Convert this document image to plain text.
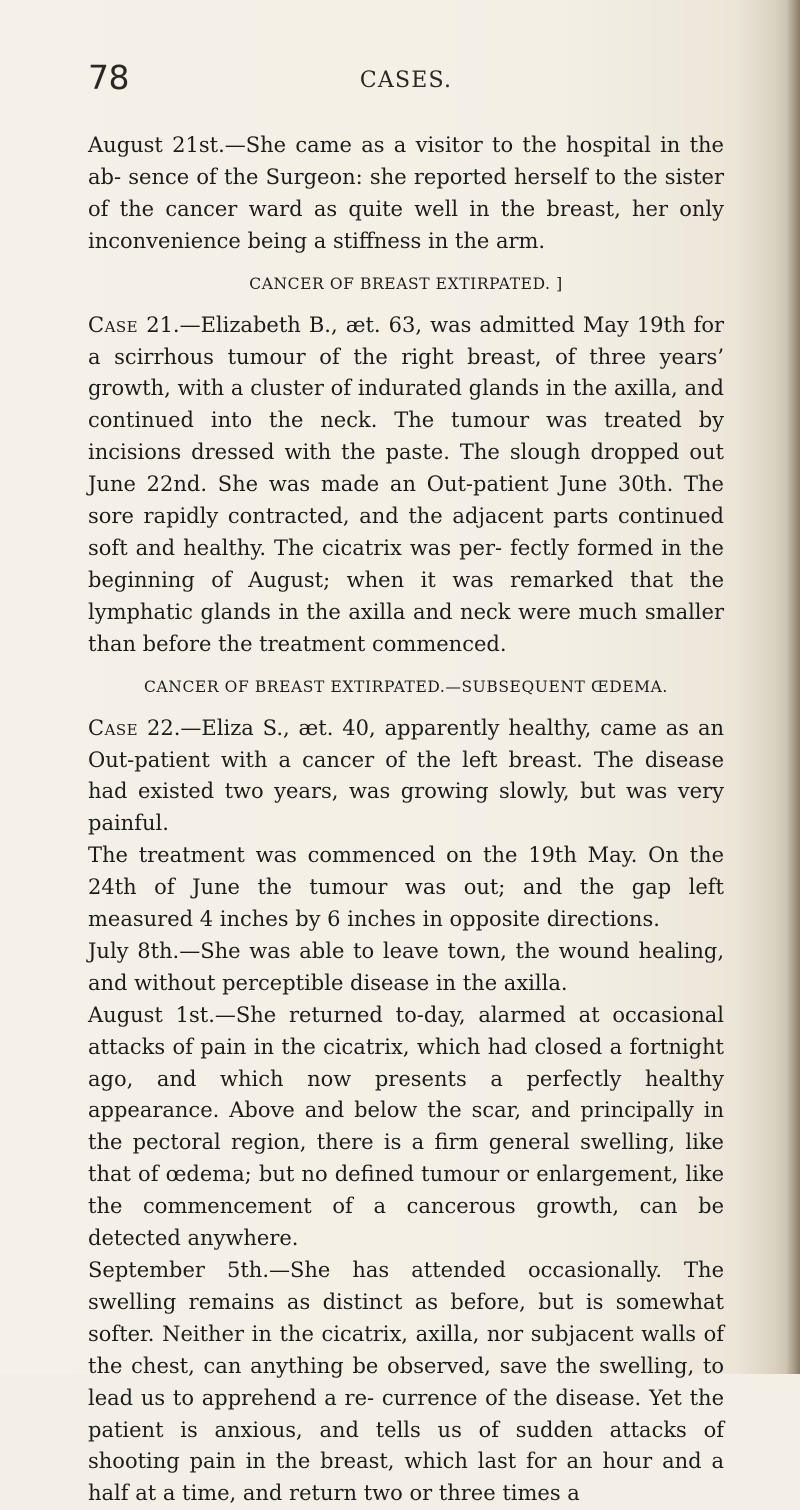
78	CASES.

August 21st.—She came as a visitor to the hospital in the ab- sence of the Surgeon: she reported herself to the sister of the cancer ward as quite well in the breast, her only inconvenience being a stiffness in the arm.

CANCER OF BREAST EXTIRPATED. ]

Case 21.—Elizabeth B., æt. 63, was admitted May 19th for a scirrhous tumour of the right breast, of three years’ growth, with a cluster of indurated glands in the axilla, and continued into the neck. The tumour was treated by incisions dressed with the paste. The slough dropped out June 22nd. She was made an Out-patient June 30th. The sore rapidly contracted, and the adjacent parts continued soft and healthy. The cicatrix was per- fectly formed in the beginning of August; when it was remarked that the lymphatic glands in the axilla and neck were much smaller than before the treatment commenced.

CANCER OF BREAST EXTIRPATED.—SUBSEQUENT ŒDEMA.

Case 22.—Eliza S., æt. 40, apparently healthy, came as an Out-patient with a cancer of the left breast. The disease had existed two years, was growing slowly, but was very painful.

The treatment was commenced on the 19th May. On the 24th of June the tumour was out; and the gap left measured 4 inches by 6 inches in opposite directions.

July 8th.—She was able to leave town, the wound healing, and without perceptible disease in the axilla.

August 1st.—She returned to-day, alarmed at occasional attacks of pain in the cicatrix, which had closed a fortnight ago, and which now presents a perfectly healthy appearance. Above and below the scar, and principally in the pectoral region, there is a firm general swelling, like that of œdema; but no defined tumour or enlargement, like the commencement of a cancerous growth, can be detected anywhere.

September 5th.—She has attended occasionally. The swelling remains as distinct as before, but is somewhat softer. Neither in the cicatrix, axilla, nor subjacent walls of the chest, can anything be observed, save the swelling, to lead us to apprehend a re- currence of the disease. Yet the patient is anxious, and tells us of sudden attacks of shooting pain in the breast, which last for an hour and a half at a time, and return two or three times a
